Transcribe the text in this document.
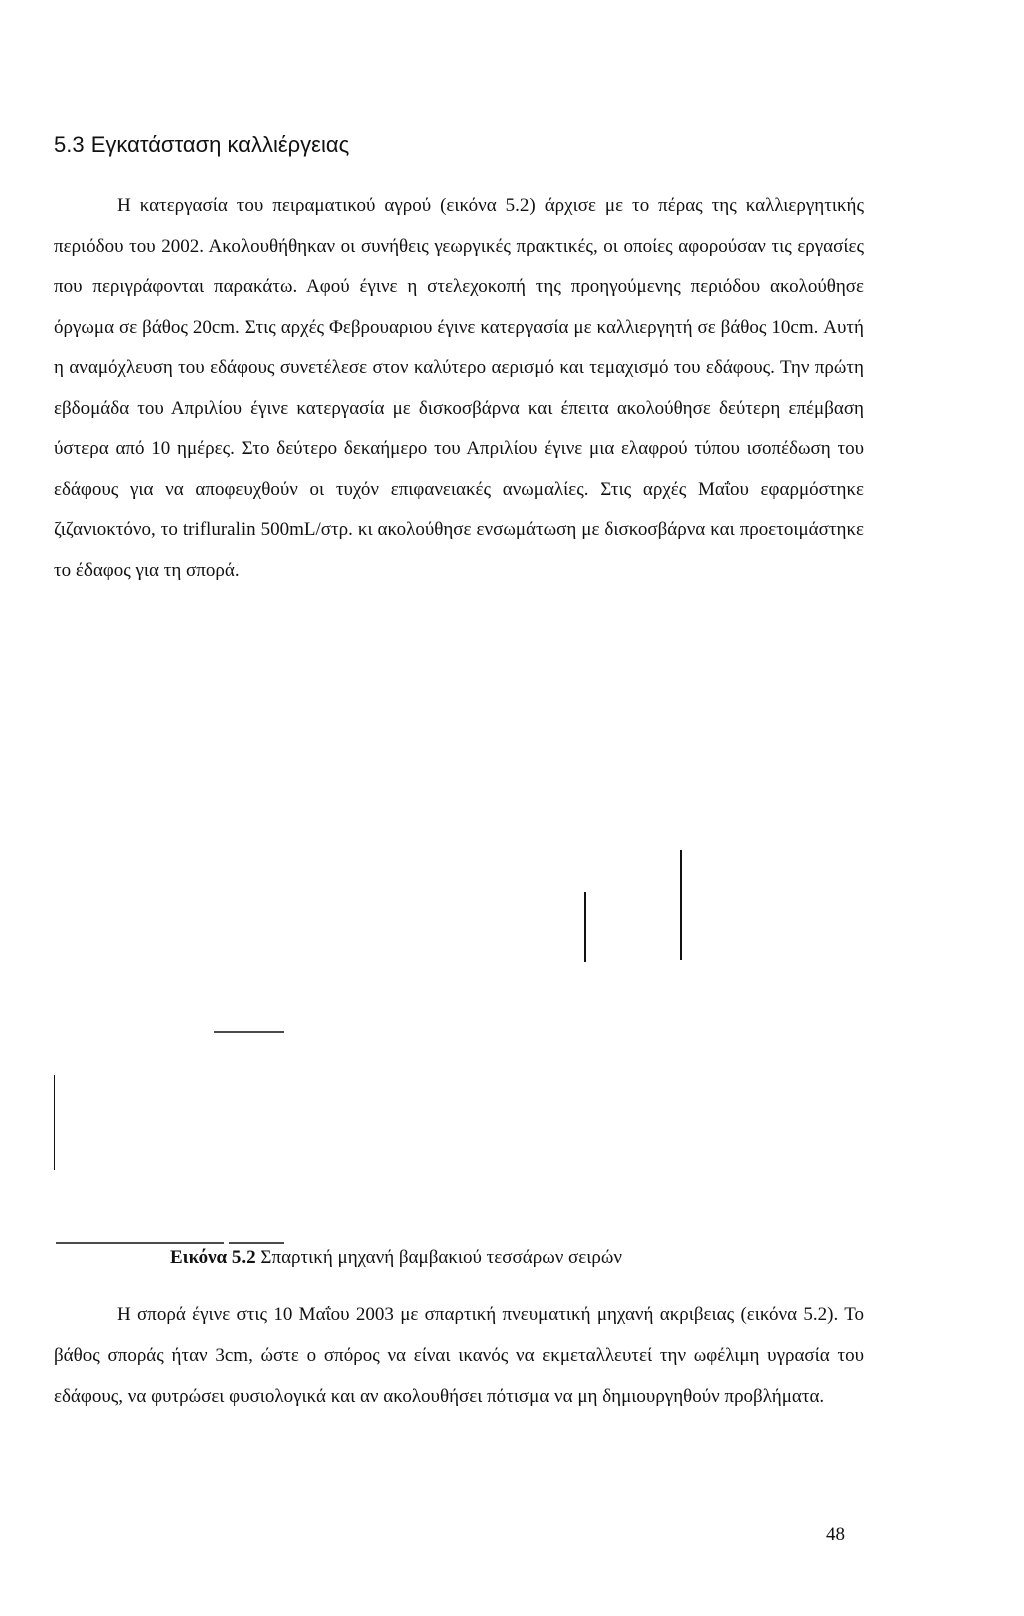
5.3 Εγκατάσταση καλλιέργειας

Η κατεργασία του πειραματικού αγρού (εικόνα 5.2) άρχισε με το πέρας της καλλιεργητικής περιόδου του 2002. Ακολουθήθηκαν οι συνήθεις γεωργικές πρακτικές, οι οποίες αφορούσαν τις εργασίες που περιγράφονται παρακάτω. Αφού έγινε η στελεχοκοπή της προηγούμενης περιόδου ακολούθησε όργωμα σε βάθος 20cm. Στις αρχές Φεβρουαριου έγινε κατεργασία με καλλιεργητή σε βάθος 10cm. Αυτή η αναμόχλευση του εδάφους συνετέλεσε στον καλύτερο αερισμό και τεμαχισμό του εδάφους. Την πρώτη εβδομάδα του Απριλίου έγινε κατεργασία με δισκοσβάρνα και έπειτα ακολούθησε δεύτερη επέμβαση ύστερα από 10 ημέρες. Στο δεύτερο δεκαήμερο του Απριλίου έγινε μια ελαφρού τύπου ισοπέδωση του εδάφους για να αποφευχθούν οι τυχόν επιφανειακές ανωμαλίες. Στις αρχές Μαΐου εφαρμόστηκε ζιζανιοκτόνο, το trifluralin 500mL/στρ. κι ακολούθησε ενσωμάτωση με δισκοσβάρνα και προετοιμάστηκε το έδαφος για τη σπορά.

Εικόνα 5.2 Σπαρτική μηχανή βαμβακιού τεσσάρων σειρών

Η σπορά έγινε στις 10 Μαΐου 2003 με σπαρτική πνευματική μηχανή ακριβειας (εικόνα 5.2). Το βάθος σποράς ήταν 3cm, ώστε ο σπόρος να είναι ικανός να εκμεταλλευτεί την ωφέλιμη υγρασία του εδάφους, να φυτρώσει φυσιολογικά και αν ακολουθήσει πότισμα να μη δημιουργηθούν προβλήματα.

48
